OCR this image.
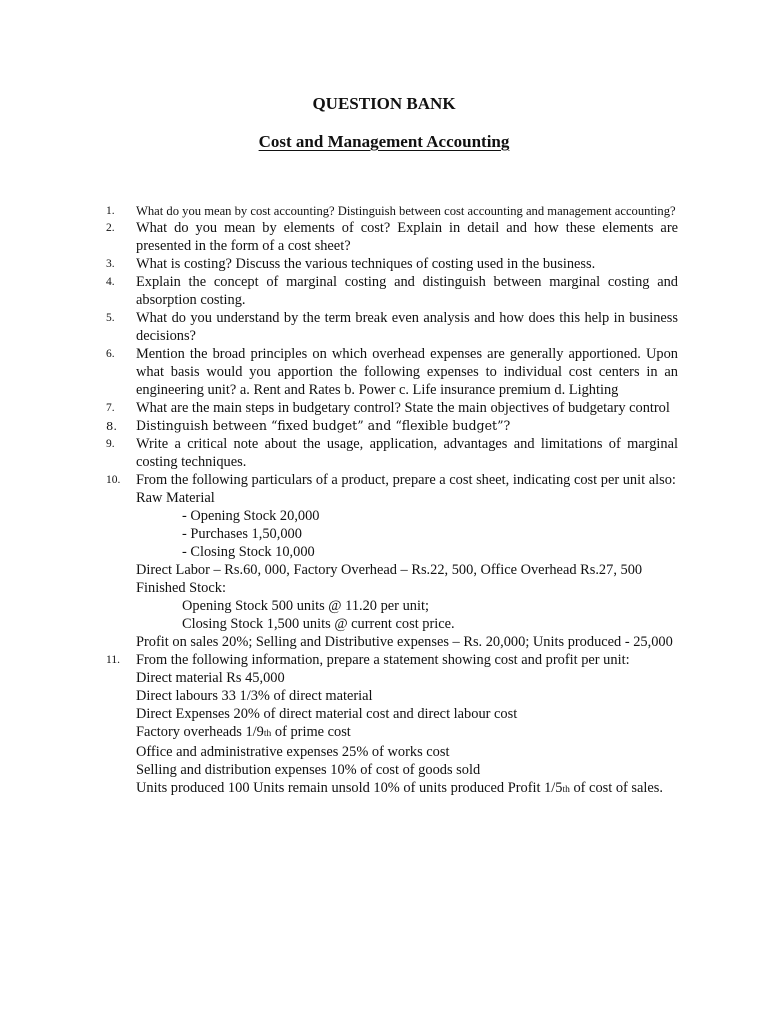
QUESTION BANK
Cost and Management Accounting
1.	What do you mean by cost accounting? Distinguish between cost accounting and management accounting?
2.	What do you mean by elements of cost? Explain in detail and how these elements are presented in the form of a cost sheet?
3.	What is costing? Discuss the various techniques of costing used in the business.
4.	Explain the concept of marginal costing and distinguish between marginal costing and absorption costing.
5.	What do you understand by the term break even analysis and how does this help in business decisions?
6.	Mention the broad principles on which overhead expenses are generally apportioned. Upon what basis would you apportion the following expenses to individual cost centers in an engineering unit? a. Rent and Rates b. Power c. Life insurance premium d. Lighting
7.	What are the main steps in budgetary control? State the main objectives of budgetary control
8.	Distinguish between “fixed budget” and “flexible budget”?
9.	Write a critical note about the usage, application, advantages and limitations of marginal costing techniques.
10.	From the following particulars of a product, prepare a cost sheet, indicating cost per unit also:
Raw Material
- Opening Stock 20,000
- Purchases 1,50,000
- Closing Stock 10,000
Direct Labor – Rs.60, 000, Factory Overhead – Rs.22, 500, Office Overhead Rs.27, 500
Finished Stock:
Opening Stock 500 units @ 11.20 per unit;
Closing Stock 1,500 units @ current cost price.
Profit on sales 20%; Selling and Distributive expenses – Rs. 20,000; Units produced - 25,000
11.	From the following information, prepare a statement showing cost and profit per unit:
Direct material Rs 45,000
Direct labours 33 1/3% of direct material
Direct Expenses 20% of direct material cost and direct labour cost
Factory overheads 1/9th of prime cost
Office and administrative expenses 25% of works cost
Selling and distribution expenses 10% of cost of goods sold
Units produced 100 Units remain unsold 10% of units produced Profit 1/5th of cost of sales.
